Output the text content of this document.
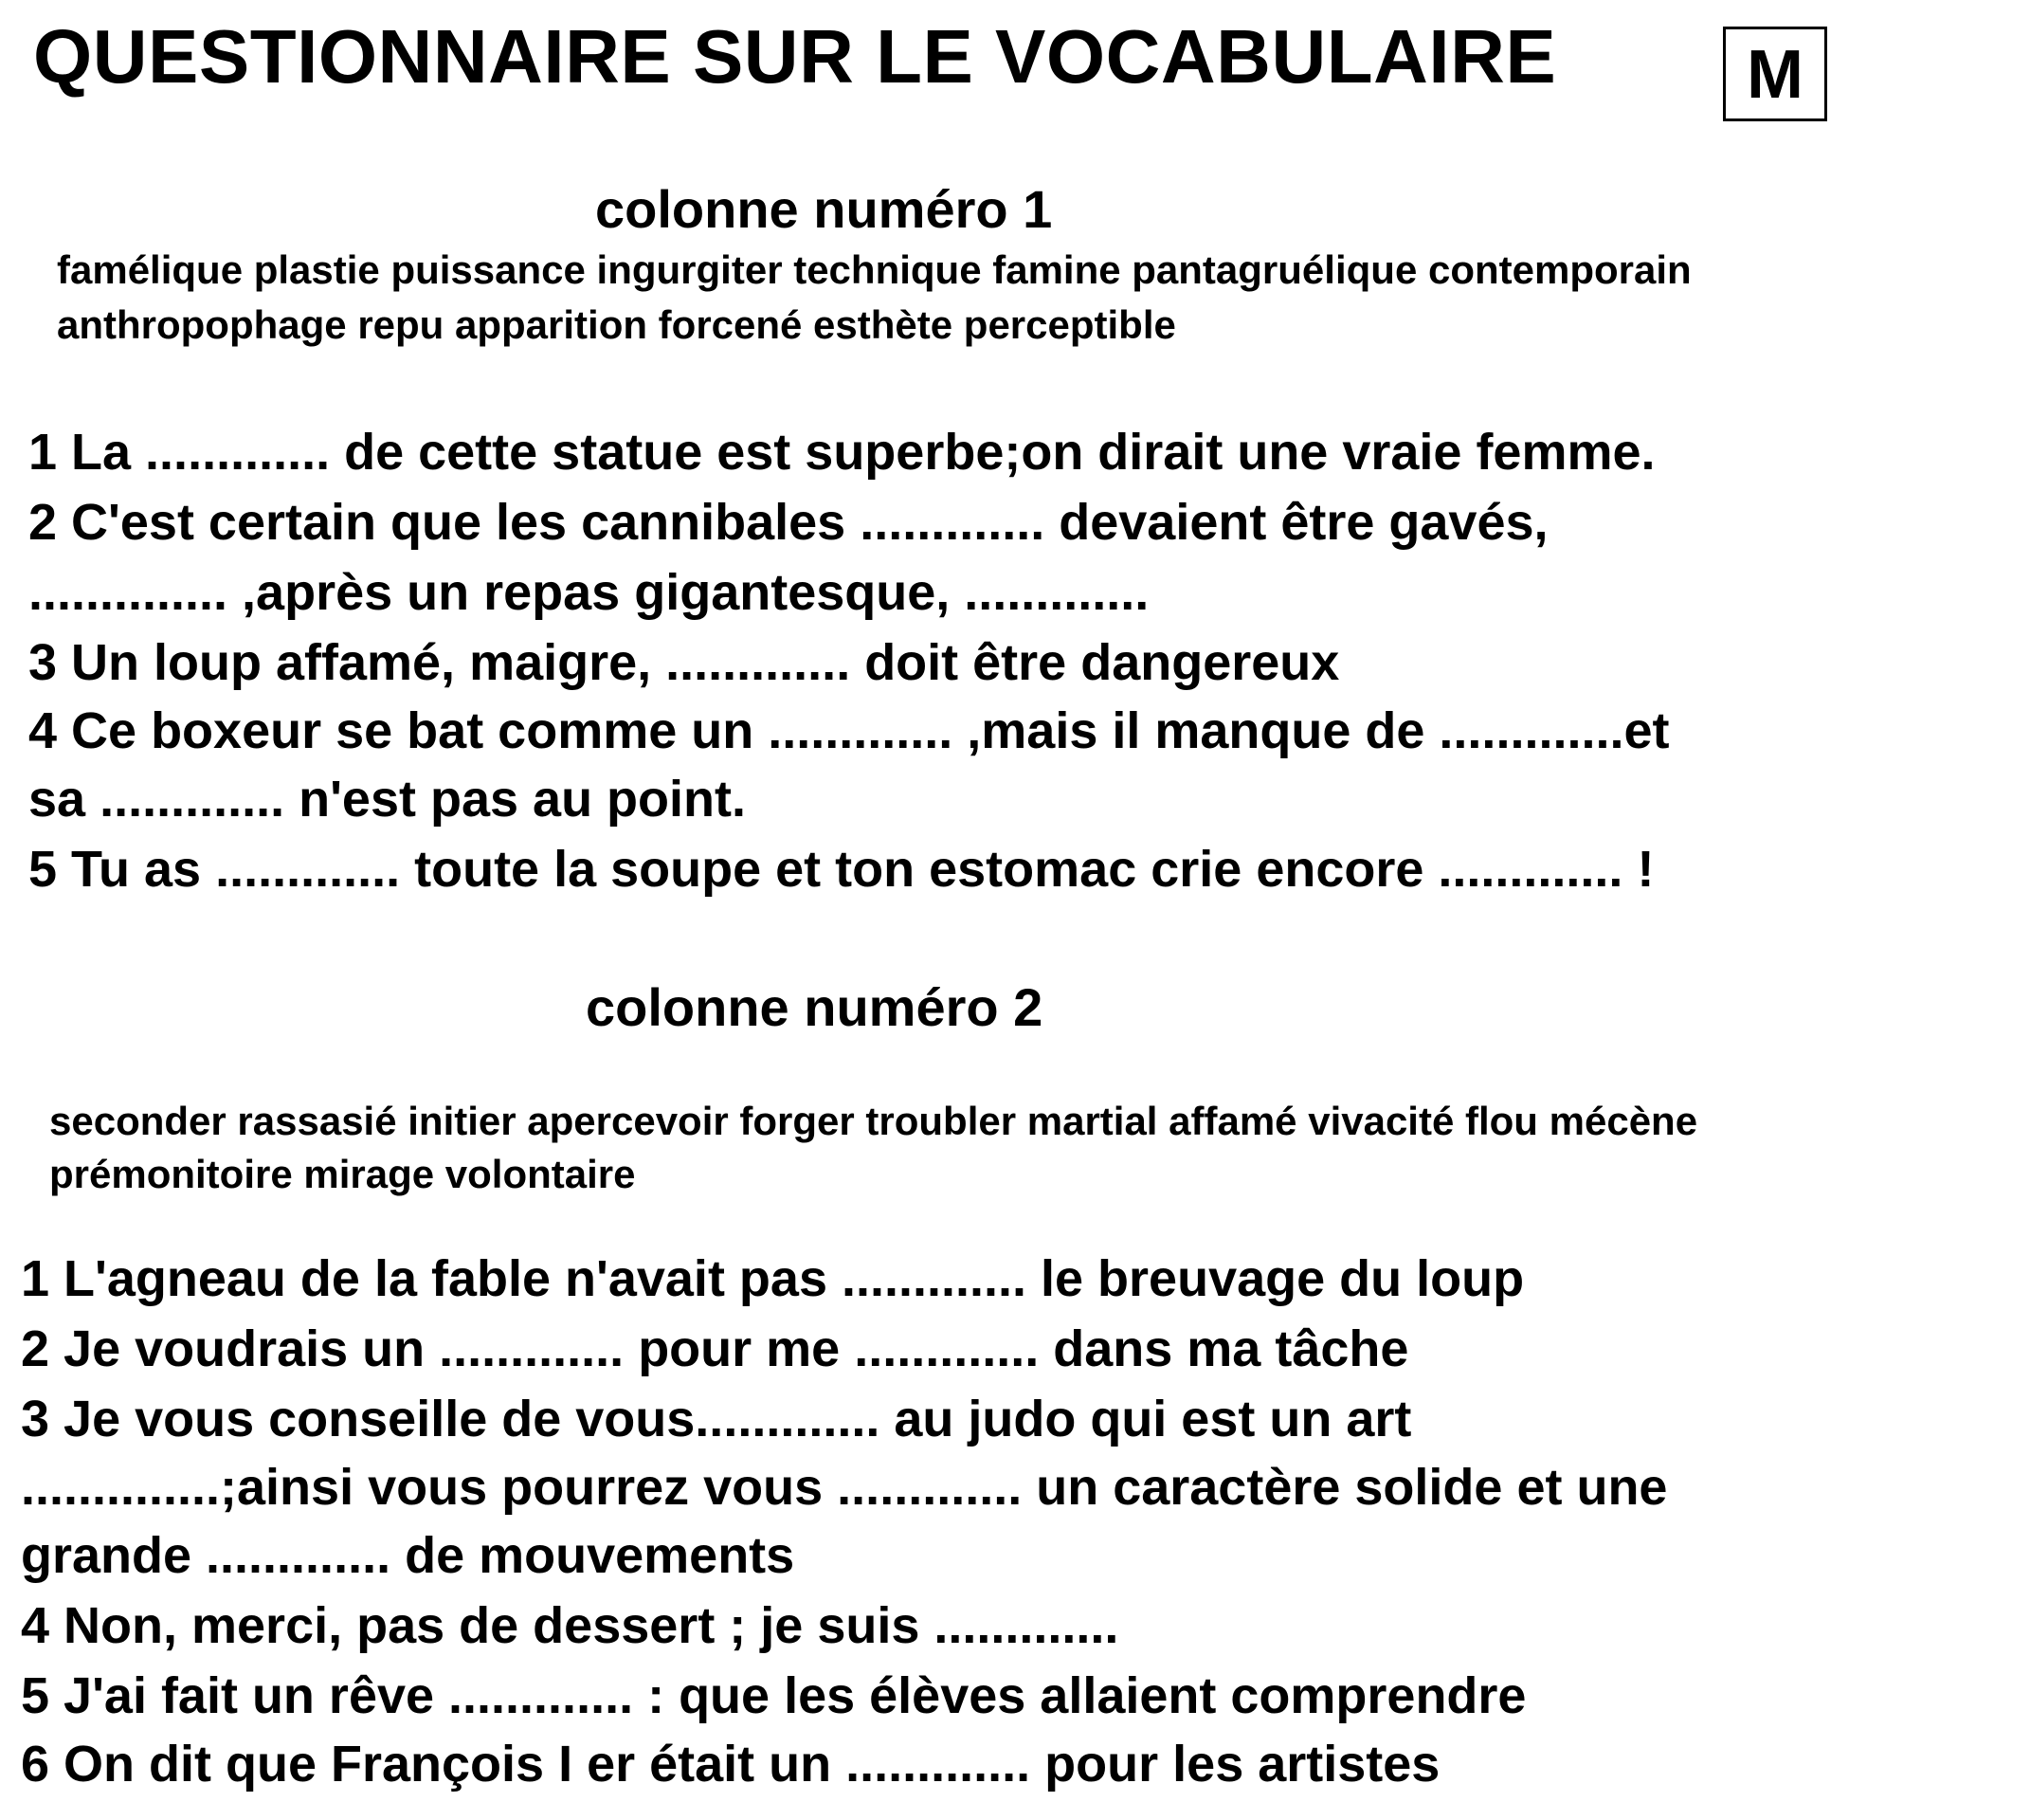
QUESTIONNAIRE SUR LE VOCABULAIRE	M
colonne numéro 1
famélique plastie puissance ingurgiter technique famine pantagruélique contemporain
anthropophage repu apparition forcené esthète perceptible
1 La ............. de cette statue est superbe;on dirait une vraie femme.
2 C'est certain que les cannibales ............. devaient être gavés,
.............. ,après un repas gigantesque, .............
3 Un loup affamé, maigre, ............. doit être dangereux
4 Ce boxeur se bat comme un ............. ,mais il manque de .............et
sa ............. n'est pas au point.
5 Tu as ............. toute la soupe et ton estomac crie encore ............. !
colonne numéro 2
seconder rassasié initier apercevoir forger troubler martial affamé vivacité flou mécène
prémonitoire mirage volontaire
1 L'agneau de la fable n'avait pas ............. le breuvage du loup
2 Je voudrais un ............. pour me ............. dans ma tâche
3 Je vous conseille de vous............. au judo qui est un art
..............;ainsi vous pourrez vous ............. un caractère solide et une
grande ............. de mouvements
4 Non, merci, pas de dessert ; je suis .............
5 J'ai fait un rêve ............. : que les élèves allaient comprendre
6 On dit que François I er était un ............. pour les artistes
